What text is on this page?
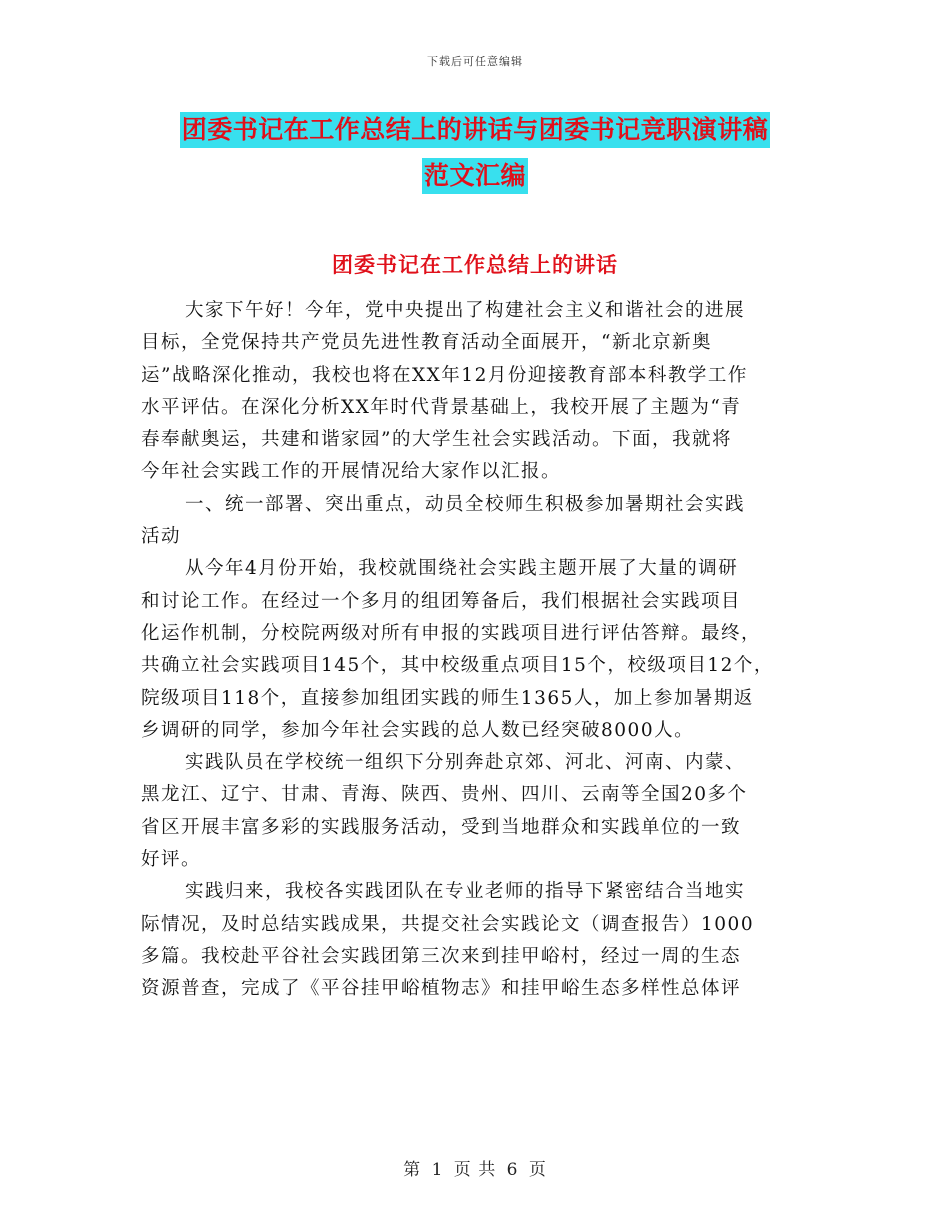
下载后可任意编辑
团委书记在工作总结上的讲话与团委书记竞职演讲稿
范文汇编
团委书记在工作总结上的讲话
大家下午好！今年，党中央提出了构建社会主义和谐社会的进展
目标，全党保持共产党员先进性教育活动全面展开，“新北京新奥
运”战略深化推动，我校也将在XX年12月份迎接教育部本科教学工作
水平评估。在深化分析XX年时代背景基础上，我校开展了主题为“青
春奉献奥运，共建和谐家园”的大学生社会实践活动。下面，我就将
今年社会实践工作的开展情况给大家作以汇报。
一、统一部署、突出重点，动员全校师生积极参加暑期社会实践
活动
从今年4月份开始，我校就围绕社会实践主题开展了大量的调研
和讨论工作。在经过一个多月的组团筹备后，我们根据社会实践项目
化运作机制，分校院两级对所有申报的实践项目进行评估答辩。最终，
共确立社会实践项目145个，其中校级重点项目15个，校级项目12个，
院级项目118个，直接参加组团实践的师生1365人，加上参加暑期返
乡调研的同学，参加今年社会实践的总人数已经突破8000人。
实践队员在学校统一组织下分别奔赴京郊、河北、河南、内蒙、
黑龙江、辽宁、甘肃、青海、陕西、贵州、四川、云南等全国20多个
省区开展丰富多彩的实践服务活动，受到当地群众和实践单位的一致
好评。
实践归来，我校各实践团队在专业老师的指导下紧密结合当地实
际情况，及时总结实践成果，共提交社会实践论文（调查报告）1000
多篇。我校赴平谷社会实践团第三次来到挂甲峪村，经过一周的生态
资源普查，完成了《平谷挂甲峪植物志》和挂甲峪生态多样性总体评
第 1 页 共 6 页
